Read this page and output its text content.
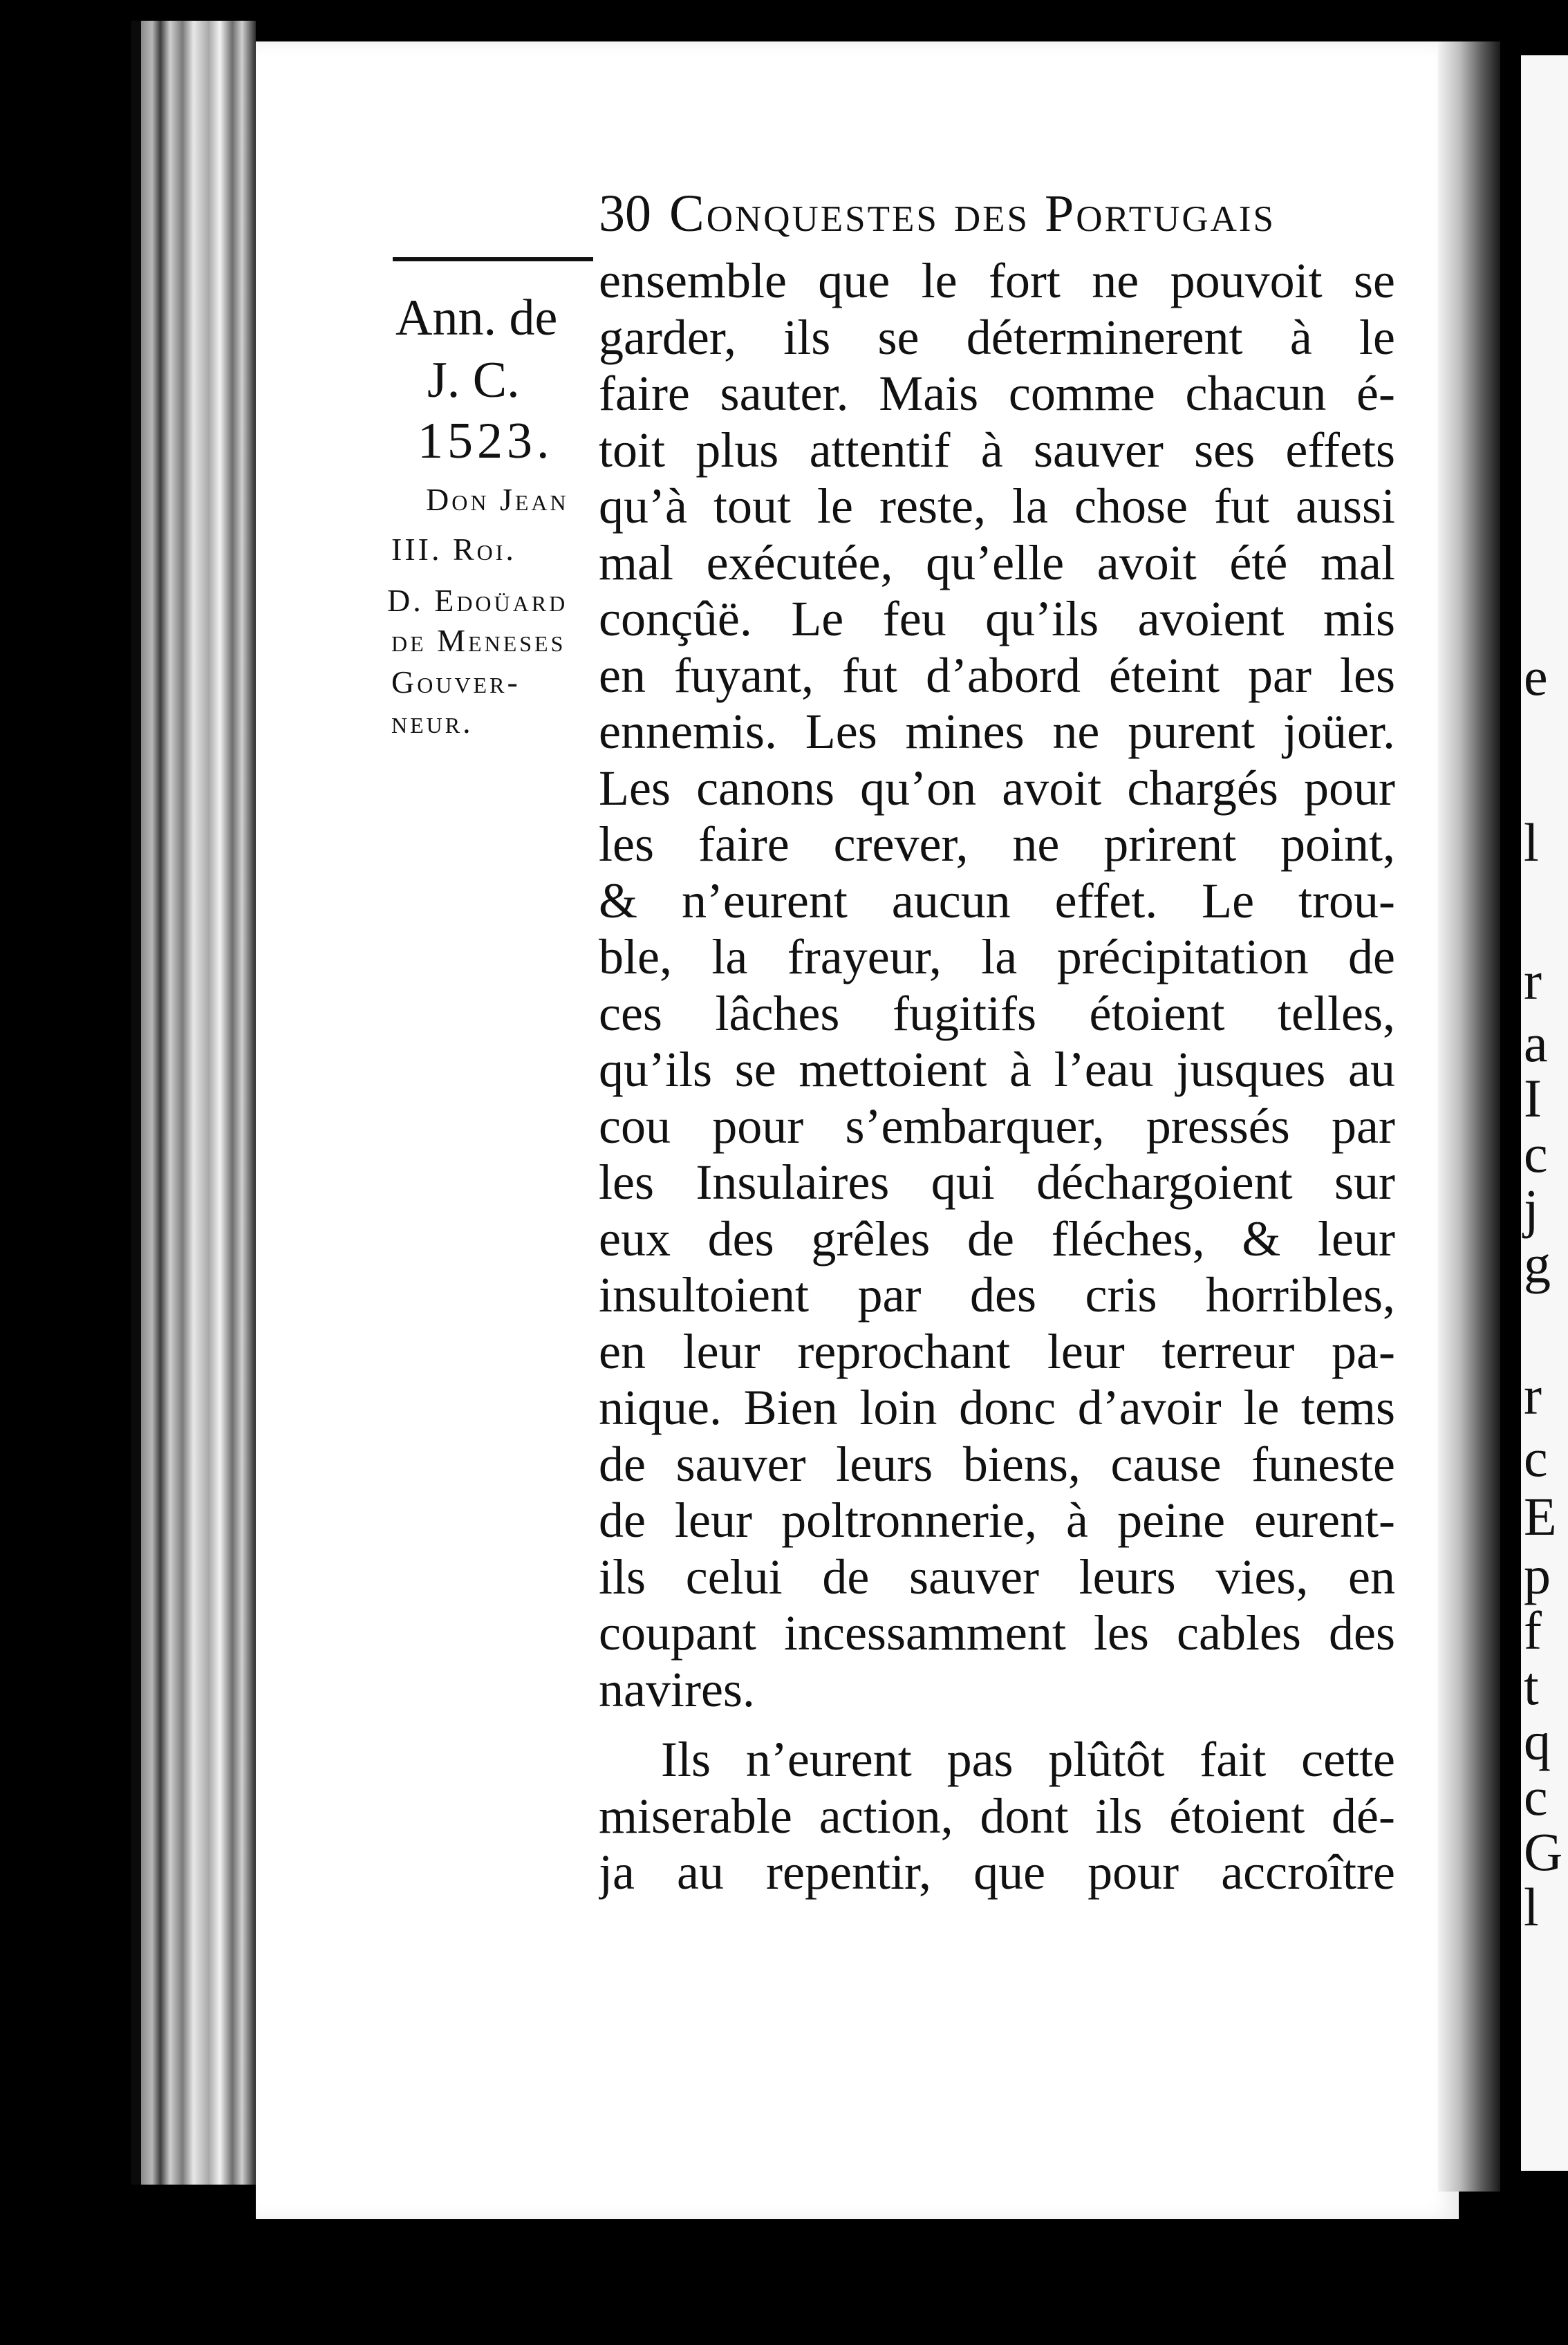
e
l
r
a
I
c
j
g
r
c
E
p
f
t
q
c
G
l
30 Conquestes des Portugais
Ann. de
J. C.
1523.
Don Jean
III. Roi.
D. Edoüard
de Meneses
Gouver-
neur.
ensemble que le fort ne pouvoit se
garder, ils se déterminerent à le
faire sauter. Mais comme chacun é-
toit plus attentif à sauver ses effets
qu’à tout le reste, la chose fut aussi
mal exécutée, qu’elle avoit été mal
conçûë. Le feu qu’ils avoient mis
en fuyant, fut d’abord éteint par les
ennemis. Les mines ne purent joüer.
Les canons qu’on avoit chargés pour
les faire crever, ne prirent point,
& n’eurent aucun effet. Le trou-
ble, la frayeur, la précipitation de
ces lâches fugitifs étoient telles,
qu’ils se mettoient à l’eau jusques au
cou pour s’embarquer, pressés par
les Insulaires qui déchargoient sur
eux des grêles de fléches, & leur
insultoient par des cris horribles,
en leur reprochant leur terreur pa-
nique. Bien loin donc d’avoir le tems
de sauver leurs biens, cause funeste
de leur poltronnerie, à peine eurent-
ils celui de sauver leurs vies, en
coupant incessamment les cables des
navires.
Ils n’eurent pas plûtôt fait cette
miserable action, dont ils étoient dé-
ja au repentir, que pour accroître
